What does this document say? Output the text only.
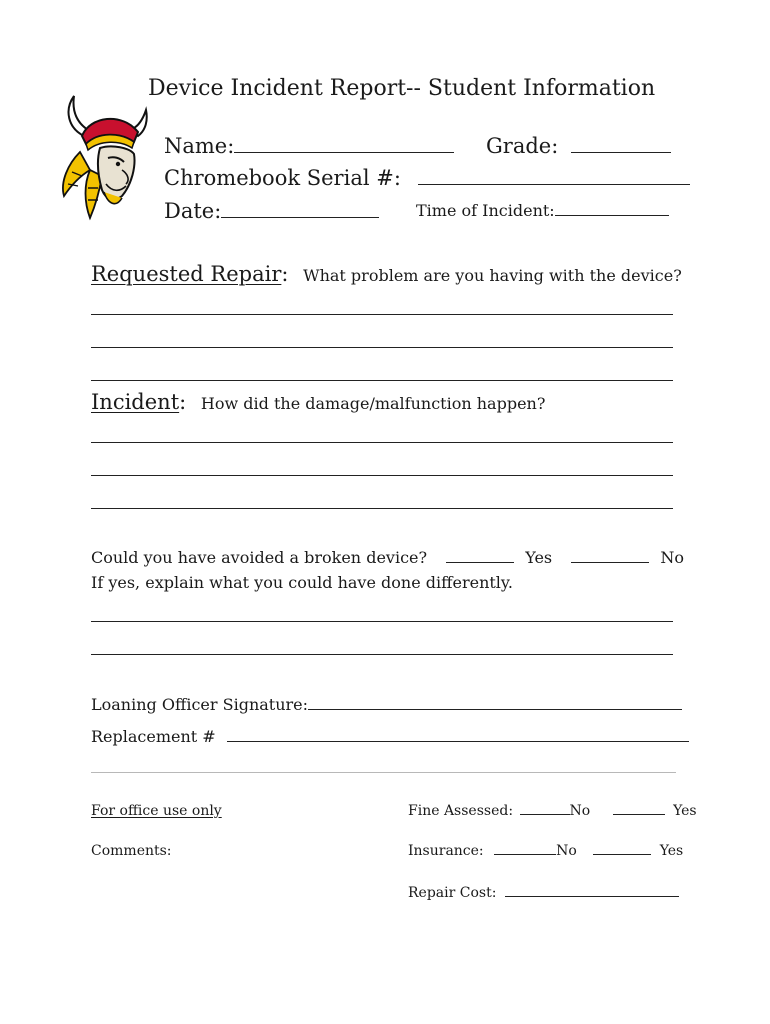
Device Incident Report-- Student Information
Name:	Grade:
Chromebook Serial #:
Date:	Time of Incident:
Requested Repair: What problem are you having with the device?
Incident: How did the damage/malfunction happen?
Could you have avoided a broken device?	Yes	No
If yes, explain what you could have done differently.
Loaning Officer Signature:
Replacement #
For office use only
Comments:
Fine Assessed:	No	Yes
Insurance:	No	Yes
Repair Cost:
